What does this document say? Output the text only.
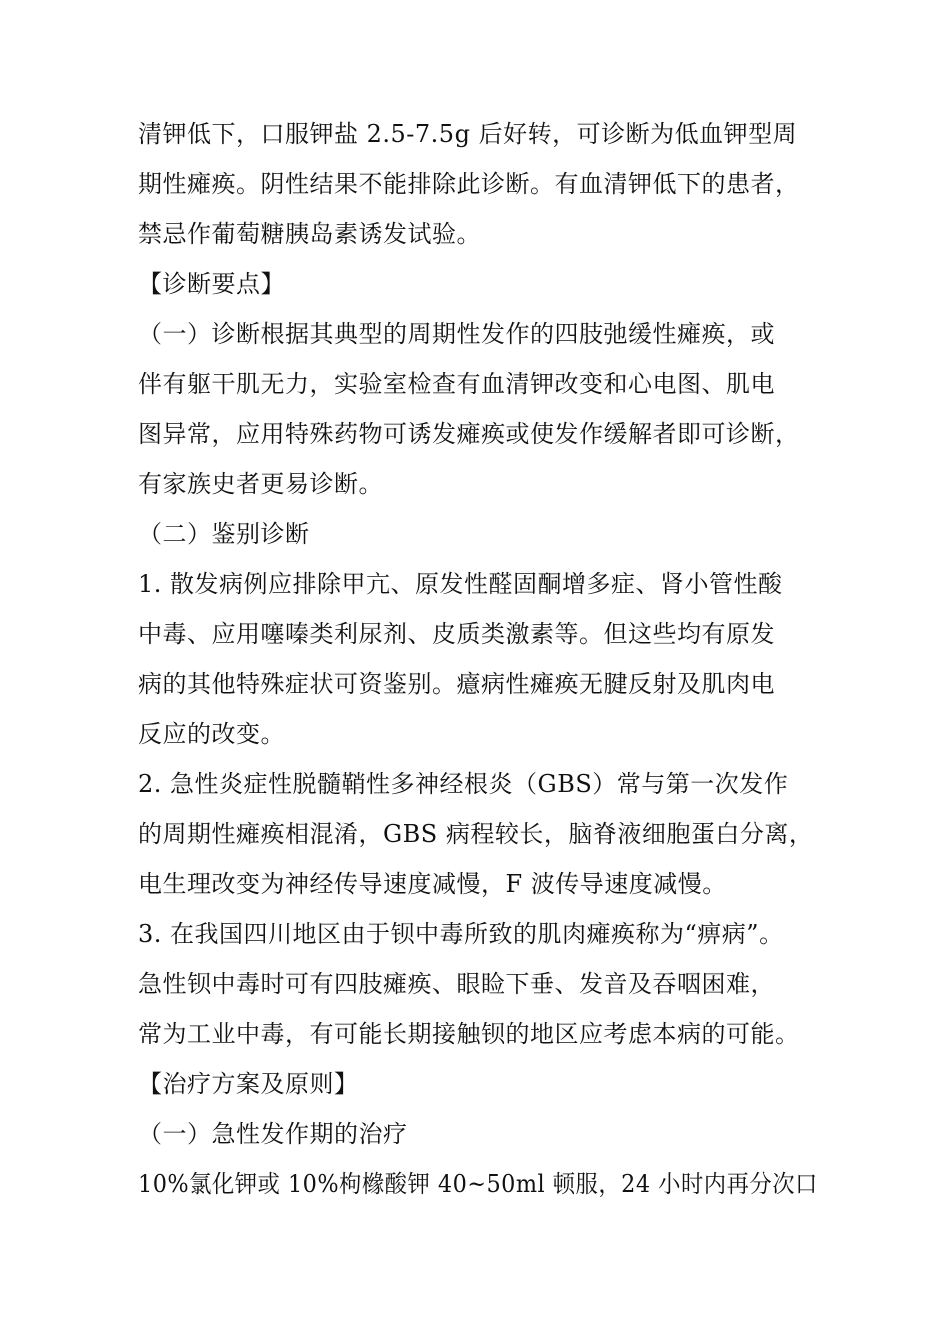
清钾低下，口服钾盐 2.5-7.5g 后好转，可诊断为低血钾型周
期性瘫痪。阴性结果不能排除此诊断。有血清钾低下的患者，
禁忌作葡萄糖胰岛素诱发试验。
【诊断要点】
（一）诊断根据其典型的周期性发作的四肢弛缓性瘫痪，或
伴有躯干肌无力，实验室检查有血清钾改变和心电图、肌电
图异常，应用特殊药物可诱发瘫痪或使发作缓解者即可诊断，
有家族史者更易诊断。
（二）鉴别诊断
1. 散发病例应排除甲亢、原发性醛固酮增多症、肾小管性酸
中毒、应用噻嗪类利尿剂、皮质类激素等。但这些均有原发
病的其他特殊症状可资鉴别。癔病性瘫痪无腱反射及肌肉电
反应的改变。
2. 急性炎症性脱髓鞘性多神经根炎（GBS）常与第一次发作
的周期性瘫痪相混淆，GBS 病程较长，脑脊液细胞蛋白分离，
电生理改变为神经传导速度减慢，F 波传导速度减慢。
3. 在我国四川地区由于钡中毒所致的肌肉瘫痪称为“痹病”。
急性钡中毒时可有四肢瘫痪、眼睑下垂、发音及吞咽困难，
常为工业中毒，有可能长期接触钡的地区应考虑本病的可能。
【治疗方案及原则】
（一）急性发作期的治疗
10%氯化钾或 10%枸橼酸钾 40~50ml 顿服，24 小时内再分次口
